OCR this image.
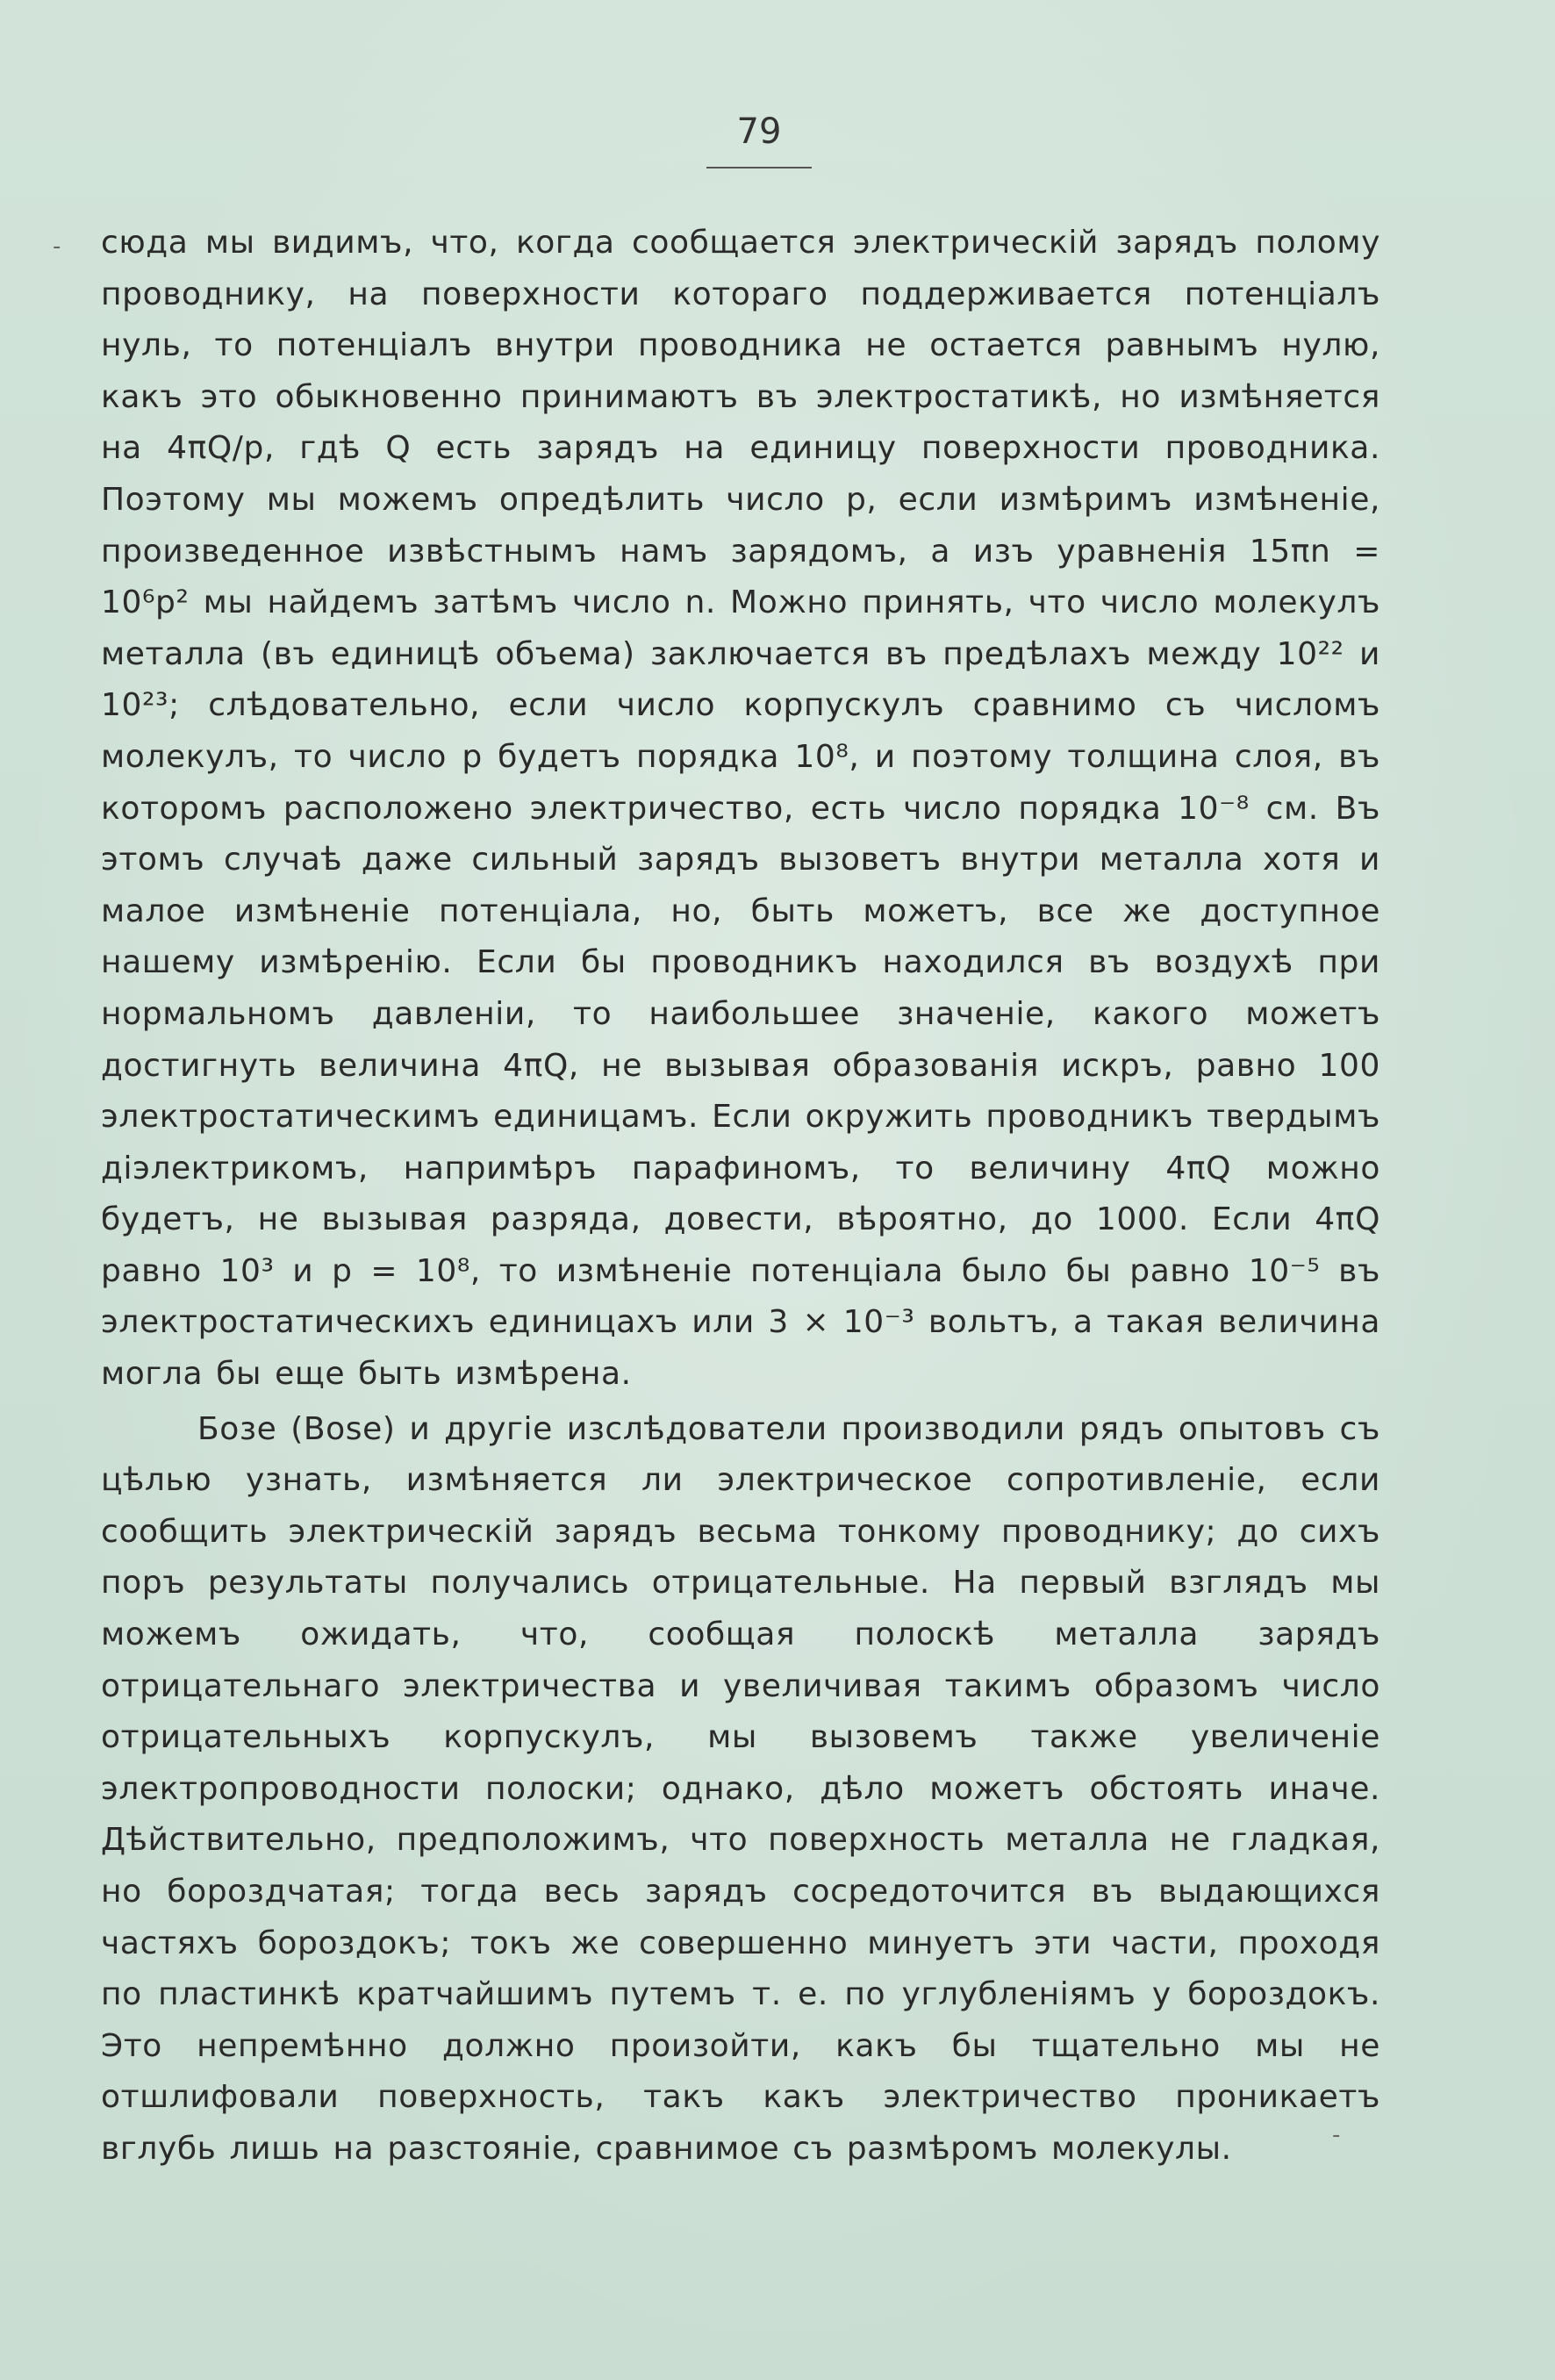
79

сюда мы видимъ, что, когда сообщается электрическій зарядъ полому проводнику, на поверхности котораго поддерживается потенціалъ нуль, то потенціалъ внутри проводника не остается равнымъ нулю, какъ это обыкновенно принимаютъ въ электростатикѣ, но измѣняется на 4πQ/p, гдѣ Q есть зарядъ на единицу поверхности проводника. Поэтому мы можемъ опредѣлить число p, если измѣримъ измѣненіе, произведенное извѣстнымъ намъ зарядомъ, а изъ уравненія 15πn = 10⁶p² мы найдемъ затѣмъ число n. Можно принять, что число молекулъ металла (въ единицѣ объема) заключается въ предѣлахъ между 10²² и 10²³; слѣдовательно, если число корпускулъ сравнимо съ числомъ молекулъ, то число p будетъ порядка 10⁸, и поэтому толщина слоя, въ которомъ расположено электричество, есть число порядка 10⁻⁸ см. Въ этомъ случаѣ даже сильный зарядъ вызоветъ внутри металла хотя и малое измѣненіе потенціала, но, быть можетъ, все же доступное нашему измѣренію. Если бы проводникъ находился въ воздухѣ при нормальномъ давленіи, то наибольшее значеніе, какого можетъ достигнуть величина 4πQ, не вызывая образованія искръ, равно 100 электростатическимъ единицамъ. Если окружить проводникъ твердымъ діэлектрикомъ, напримѣръ парафиномъ, то величину 4πQ можно будетъ, не вызывая разряда, довести, вѣроятно, до 1000. Если 4πQ равно 10³ и p = 10⁸, то измѣненіе потенціала было бы равно 10⁻⁵ въ электростатическихъ единицахъ или 3 × 10⁻³ вольтъ, а такая величина могла бы еще быть измѣрена.

Бозе (Bose) и другіе изслѣдователи производили рядъ опытовъ съ цѣлью узнать, измѣняется ли электрическое сопротивленіе, если сообщить электрическій зарядъ весьма тонкому проводнику; до сихъ поръ результаты получались отрицательные. На первый взглядъ мы можемъ ожидать, что, сообщая полоскѣ металла зарядъ отрицательнаго электричества и увеличивая такимъ образомъ число отрицательныхъ корпускулъ, мы вызовемъ также увеличеніе электропроводности полоски; однако, дѣло можетъ обстоять иначе. Дѣйствительно, предположимъ, что поверхность металла не гладкая, но бороздчатая; тогда весь зарядъ сосредоточится въ выдающихся частяхъ бороздокъ; токъ же совершенно минуетъ эти части, проходя по пластинкѣ кратчайшимъ путемъ т. е. по углубленіямъ у бороздокъ. Это непремѣнно должно произойти, какъ бы тщательно мы не отшлифовали поверхность, такъ какъ электричество проникаетъ вглубь лишь на разстояніе, сравнимое съ размѣромъ молекулы.

-
-
